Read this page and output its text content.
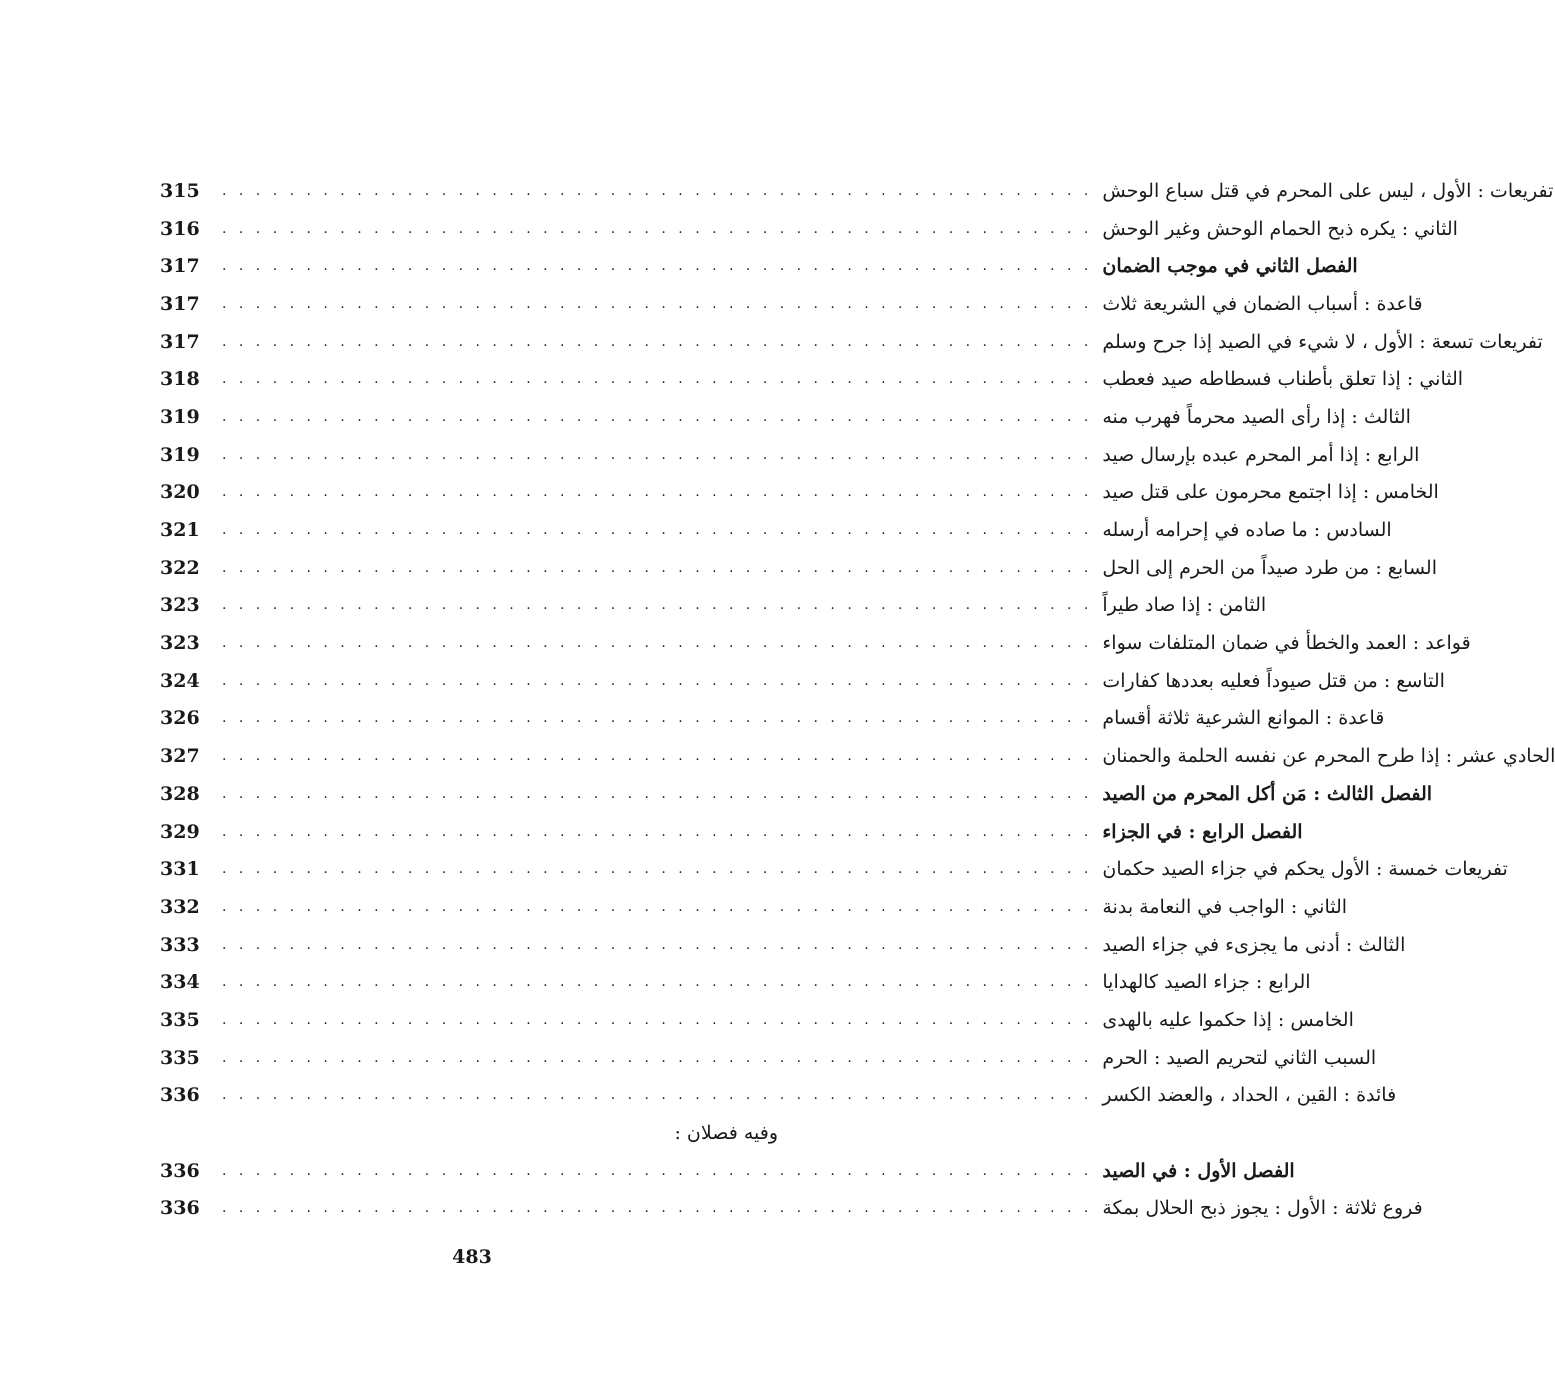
315	. . . . . . . . . . . . . . . . . . . . . . . . . . . . . . . . . . . . . . . . . . . . . . . . . . . . تفريعات : الأول ، ليس على المحرم في قتل سباع الوحش
316	. . . . . . . . . . . . . . . . . . . . . . . . . . . . . . . . . . . . . . . . . . . . . . . . . . . . الثاني : يكره ذبح الحمام الوحش وغير الوحش
317	. . . . . . . . . . . . . . . . . . . . . . . . . . . . . . . . . . . . . . . . . . . . . . . . . . . . الفصل الثاني في موجب الضمان
317	. . . . . . . . . . . . . . . . . . . . . . . . . . . . . . . . . . . . . . . . . . . . . . . . . . . . قاعدة : أسباب الضمان في الشريعة ثلاث
317	. . . . . . . . . . . . . . . . . . . . . . . . . . . . . . . . . . . . . . . . . . . . . . . . . . . . تفريعات تسعة : الأول ، لا شيء في الصيد إذا جرح وسلم
318	. . . . . . . . . . . . . . . . . . . . . . . . . . . . . . . . . . . . . . . . . . . . . . . . . . . . الثاني : إذا تعلق بأطناب فسطاطه صيد فعطب
319	. . . . . . . . . . . . . . . . . . . . . . . . . . . . . . . . . . . . . . . . . . . . . . . . . . . . الثالث : إذا رأى الصيد محرماً فهرب منه
319	. . . . . . . . . . . . . . . . . . . . . . . . . . . . . . . . . . . . . . . . . . . . . . . . . . . . الرابع : إذا أمر المحرم عبده بإرسال صيد
320	. . . . . . . . . . . . . . . . . . . . . . . . . . . . . . . . . . . . . . . . . . . . . . . . . . . . الخامس : إذا اجتمع محرمون على قتل صيد
321	. . . . . . . . . . . . . . . . . . . . . . . . . . . . . . . . . . . . . . . . . . . . . . . . . . . . السادس : ما صاده في إحرامه أرسله
322	. . . . . . . . . . . . . . . . . . . . . . . . . . . . . . . . . . . . . . . . . . . . . . . . . . . . السابع : من طرد صيداً من الحرم إلى الحل
323	. . . . . . . . . . . . . . . . . . . . . . . . . . . . . . . . . . . . . . . . . . . . . . . . . . . . الثامن : إذا صاد طيراً
323	. . . . . . . . . . . . . . . . . . . . . . . . . . . . . . . . . . . . . . . . . . . . . . . . . . . . قواعد : العمد والخطأ في ضمان المتلفات سواء
324	. . . . . . . . . . . . . . . . . . . . . . . . . . . . . . . . . . . . . . . . . . . . . . . . . . . . التاسع : من قتل صيوداً فعليه بعددها كفارات
326	. . . . . . . . . . . . . . . . . . . . . . . . . . . . . . . . . . . . . . . . . . . . . . . . . . . . قاعدة : الموانع الشرعية ثلاثة أقسام
327	. . . . . . . . . . . . . . . . . . . . . . . . . . . . . . . . . . . . . . . . . . . . . . . . . . . . الحادي عشر : إذا طرح المحرم عن نفسه الحلمة والحمنان
328	. . . . . . . . . . . . . . . . . . . . . . . . . . . . . . . . . . . . . . . . . . . . . . . . . . . . الفصل الثالث : مَن أكل المحرم من الصيد
329	. . . . . . . . . . . . . . . . . . . . . . . . . . . . . . . . . . . . . . . . . . . . . . . . . . . . الفصل الرابع : في الجزاء
331	. . . . . . . . . . . . . . . . . . . . . . . . . . . . . . . . . . . . . . . . . . . . . . . . . . . . تفريعات خمسة : الأول يحكم في جزاء الصيد حكمان
332	. . . . . . . . . . . . . . . . . . . . . . . . . . . . . . . . . . . . . . . . . . . . . . . . . . . . الثاني : الواجب في النعامة بدنة
333	. . . . . . . . . . . . . . . . . . . . . . . . . . . . . . . . . . . . . . . . . . . . . . . . . . . . الثالث : أدنى ما يجزىء في جزاء الصيد
334	. . . . . . . . . . . . . . . . . . . . . . . . . . . . . . . . . . . . . . . . . . . . . . . . . . . . الرابع : جزاء الصيد كالهدايا
335	. . . . . . . . . . . . . . . . . . . . . . . . . . . . . . . . . . . . . . . . . . . . . . . . . . . . الخامس : إذا حكموا عليه بالهدى
335	. . . . . . . . . . . . . . . . . . . . . . . . . . . . . . . . . . . . . . . . . . . . . . . . . . . . السبب الثاني لتحريم الصيد : الحرم
336	. . . . . . . . . . . . . . . . . . . . . . . . . . . . . . . . . . . . . . . . . . . . . . . . . . . . فائدة : القين ، الحداد ، والعضد الكسر
وفيه فصلان :
336	. . . . . . . . . . . . . . . . . . . . . . . . . . . . . . . . . . . . . . . . . . . . . . . . . . . . الفصل الأول : في الصيد
336	. . . . . . . . . . . . . . . . . . . . . . . . . . . . . . . . . . . . . . . . . . . . . . . . . . . . فروع ثلاثة : الأول : يجوز ذبح الحلال بمكة
483
